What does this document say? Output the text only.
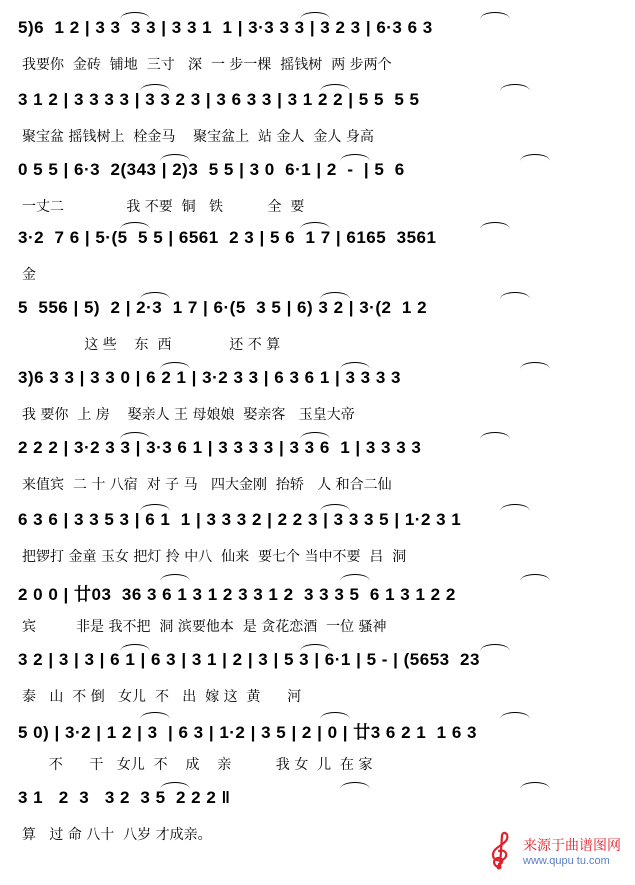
5)6  1 2 | 3 3  3 3 | 3 3 1  1 | 3·3 3 3 | 3 2 3 | 6·3 6 3
我要你  金砖  铺地  三寸   深  一 步一棵  摇钱树  两 步两个
3 1 2 | 3 3 3 3 | 3 3 2 3 | 3 6 3 3 | 3 1 2 2 | 5 5  5 5
聚宝盆 摇钱树上  栓金马    聚宝盆上  站 金人  金人 身高
0 5 5 | 6·3  2(343 | 2)3  5 5 | 3 0  6·1 | 2  -  | 5  6
一丈二              我 不要  铜   铁          全  要
3·2  7 6 | 5·(5  5 5 | 6561  2 3 | 5 6  1 7 | 6165  3561
金
5  556 | 5)  2 | 2·3  1 7 | 6·(5  3 5 | 6) 3 2 | 3·(2  1 2
这 些    东  西             还 不 算
3)6 3 3 | 3 3 0 | 6 2 1 | 3·2 3 3 | 6 3 6 1 | 3 3 3 3
我 要你  上 房    娶亲人 王 母娘娘  娶亲客   玉皇大帝
2 2 2 | 3·2 3 3 | 3·3 6 1 | 3 3 3 3 | 3 3 6  1 | 3 3 3 3
来值宾  二 十 八宿  对 子 马   四大金刚  抬轿   人 和合二仙
6 3 6 | 3 3 5 3 | 6 1  1 | 3 3 3 2 | 2 2 3 | 3 3 3 5 | 1·2 3 1
把锣打 金童 玉女 把灯 拎 中八  仙来  要七个 当中不要  吕  洞
2 0 0 | 廿03  36 3 6 1 3 1 2 3 3 1 2  3 3 3 5  6 1 3 1 2 2
宾         非是 我不把  洞 滨要他本  是 贪花恋酒  一位 骚神
3 2 | 3 | 3 | 6 1 | 6 3 | 3 1 | 2 | 3 | 5 3 | 6·1 | 5 - | (5653  23
泰   山  不 倒   女儿  不   出  嫁 这  黄      河
5 0) | 3·2 | 1 2 | 3  | 6 3 | 1·2 | 3 5 | 2 | 0 | 廿3 6 2 1  1 6 3
不      干   女儿  不    成    亲          我 女  儿  在 家
3 1   2  3   3 2  3 5  2 2 2 ‖
算   过 命 八十  八岁 才成亲。
来源于曲谱图网
www.qupu tu.com
